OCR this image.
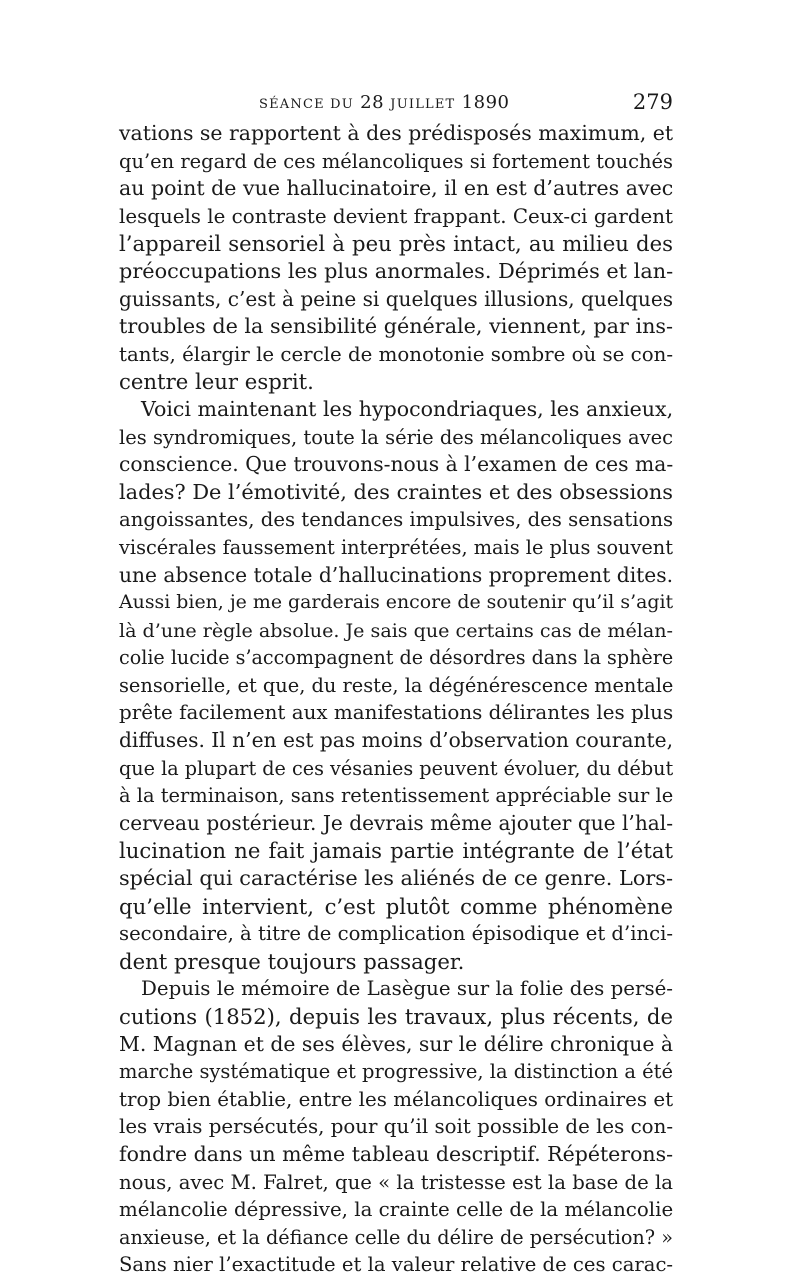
SÉANCE DU 28 JUILLET 1890	279
vations se rapportent à des prédisposés maximum, et
qu’en regard de ces mélancoliques si fortement touchés
au point de vue hallucinatoire, il en est d’autres avec
lesquels le contraste devient frappant. Ceux-ci gardent
l’appareil sensoriel à peu près intact, au milieu des
préoccupations les plus anormales. Déprimés et lan-
guissants, c’est à peine si quelques illusions, quelques
troubles de la sensibilité générale, viennent, par ins-
tants, élargir le cercle de monotonie sombre où se con-
centre leur esprit.
Voici maintenant les hypocondriaques, les anxieux,
les syndromiques, toute la série des mélancoliques avec
conscience. Que trouvons-nous à l’examen de ces ma-
lades? De l’émotivité, des craintes et des obsessions
angoissantes, des tendances impulsives, des sensations
viscérales faussement interprétées, mais le plus souvent
une absence totale d’hallucinations proprement dites.
Aussi bien, je me garderais encore de soutenir qu’il s’agit
là d’une règle absolue. Je sais que certains cas de mélan-
colie lucide s’accompagnent de désordres dans la sphère
sensorielle, et que, du reste, la dégénérescence mentale
prête facilement aux manifestations délirantes les plus
diffuses. Il n’en est pas moins d’observation courante,
que la plupart de ces vésanies peuvent évoluer, du début
à la terminaison, sans retentissement appréciable sur le
cerveau postérieur. Je devrais même ajouter que l’hal-
lucination ne fait jamais partie intégrante de l’état
spécial qui caractérise les aliénés de ce genre. Lors-
qu’elle intervient, c’est plutôt comme phénomène
secondaire, à titre de complication épisodique et d’inci-
dent presque toujours passager.
Depuis le mémoire de Lasègue sur la folie des persé-
cutions (1852), depuis les travaux, plus récents, de
M. Magnan et de ses élèves, sur le délire chronique à
marche systématique et progressive, la distinction a été
trop bien établie, entre les mélancoliques ordinaires et
les vrais persécutés, pour qu’il soit possible de les con-
fondre dans un même tableau descriptif. Répéterons-
nous, avec M. Falret, que « la tristesse est la base de la
mélancolie dépressive, la crainte celle de la mélancolie
anxieuse, et la défiance celle du délire de persécution? »
Sans nier l’exactitude et la valeur relative de ces carac-
